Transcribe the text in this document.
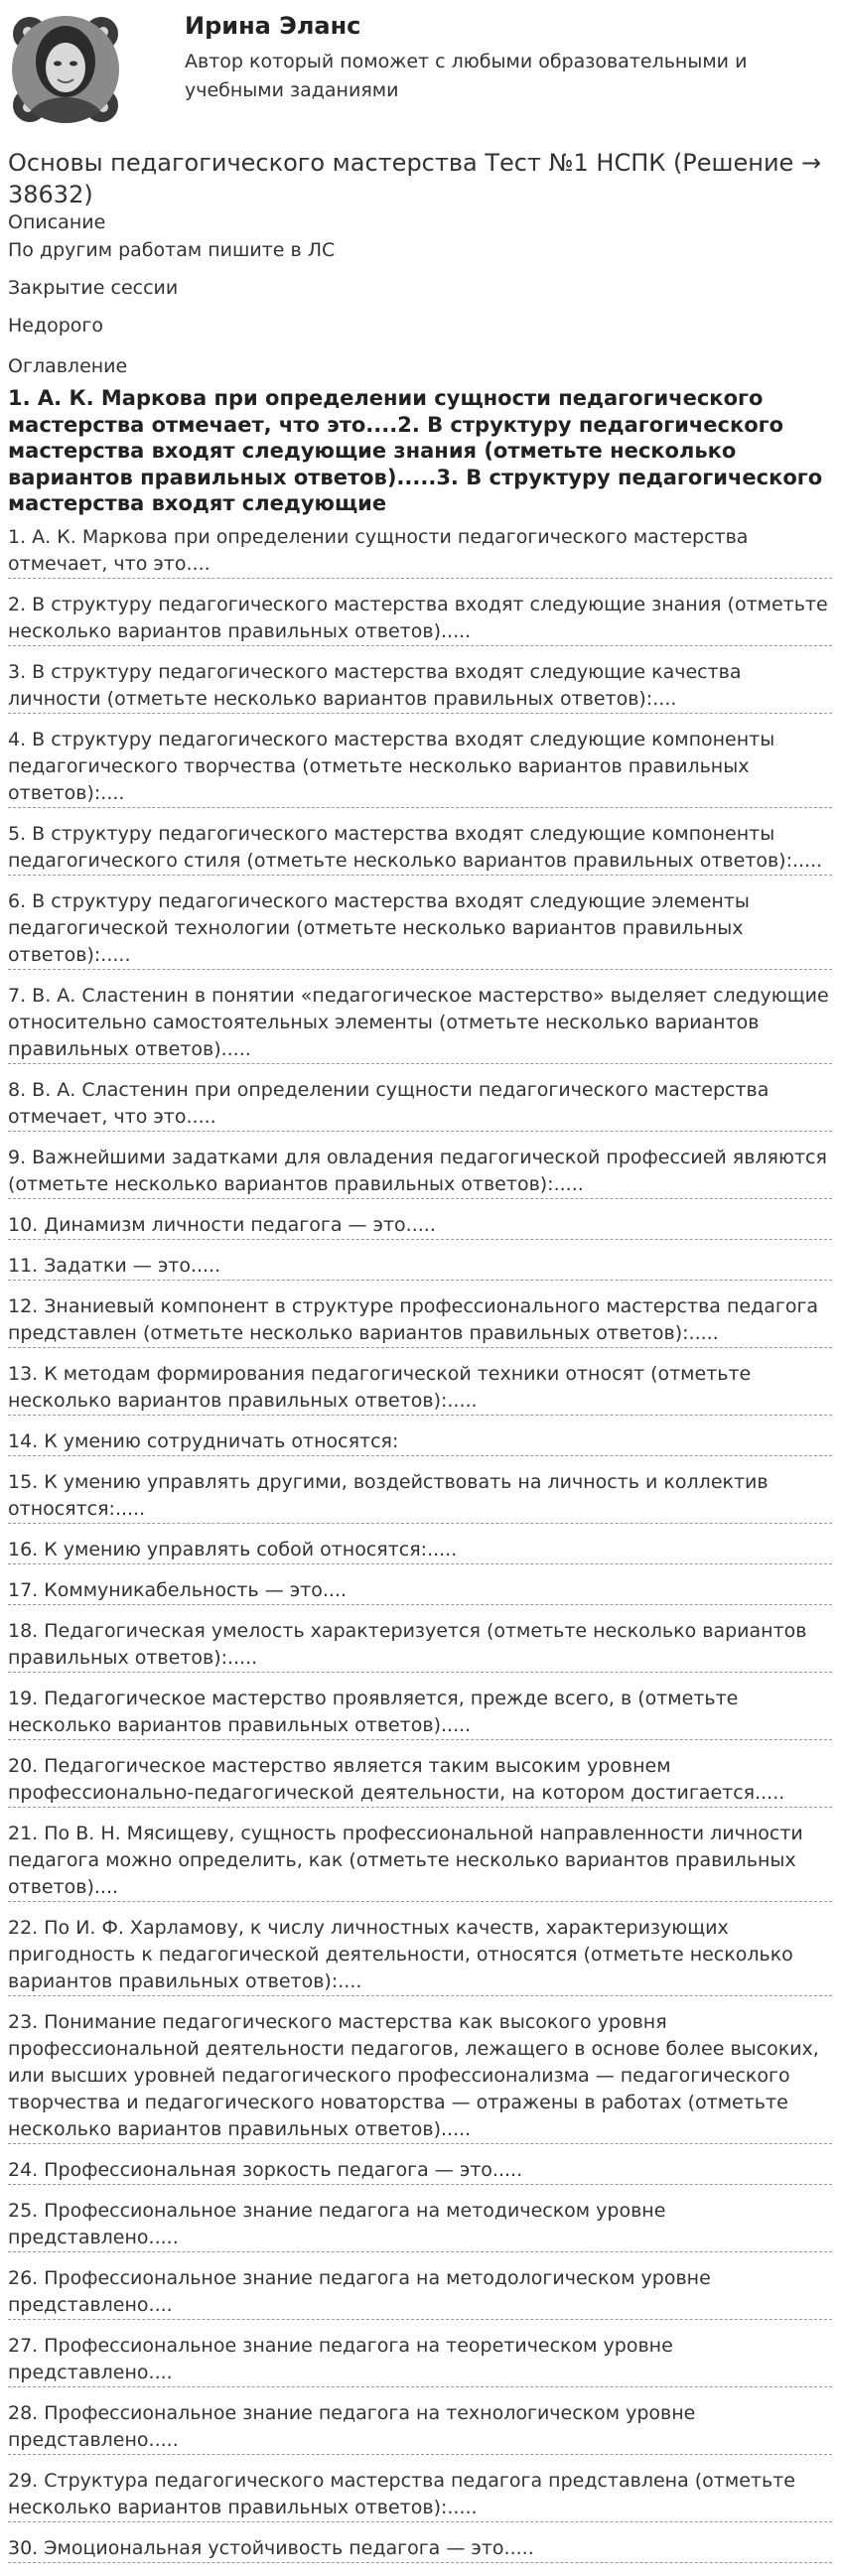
Ирина Эланс
Автор который поможет с любыми образовательными и учебными заданиями
Основы педагогического мастерства Тест №1 НСПК (Решение → 38632)
Описание
По другим работам пишите в ЛС
Закрытие сессии
Недорого
Оглавление
1. А. К. Маркова при определении сущности педагогического мастерства отмечает, что это....2. В структуру педагогического мастерства входят следующие знания (отметьте несколько вариантов правильных ответов).....3. В структуру педагогического мастерства входят следующие
1. А. К. Маркова при определении сущности педагогического мастерства отмечает, что это....
2. В структуру педагогического мастерства входят следующие знания (отметьте несколько вариантов правильных ответов).....
3. В структуру педагогического мастерства входят следующие качества личности (отметьте несколько вариантов правильных ответов):....
4. В структуру педагогического мастерства входят следующие компоненты педагогического творчества (отметьте несколько вариантов правильных ответов):....
5. В структуру педагогического мастерства входят следующие компоненты педагогического стиля (отметьте несколько вариантов правильных ответов):.....
6. В структуру педагогического мастерства входят следующие элементы педагогической технологии (отметьте несколько вариантов правильных ответов):.....
7. В. А. Сластенин в понятии «педагогическое мастерство» выделяет следующие относительно самостоятельных элементы (отметьте несколько вариантов правильных ответов).....
8. В. А. Сластенин при определении сущности педагогического мастерства отмечает, что это.....
9. Важнейшими задатками для овладения педагогической профессией являются (отметьте несколько вариантов правильных ответов):.....
10. Динамизм личности педагога — это.....
11. Задатки — это.....
12. Знаниевый компонент в структуре профессионального мастерства педагога представлен (отметьте несколько вариантов правильных ответов):.....
13. К методам формирования педагогической техники относят (отметьте несколько вариантов правильных ответов):.....
14. К умению сотрудничать относятся:
15. К умению управлять другими, воздействовать на личность и коллектив относятся:.....
16. К умению управлять собой относятся:.....
17. Коммуникабельность — это....
18. Педагогическая умелость характеризуется (отметьте несколько вариантов правильных ответов):.....
19. Педагогическое мастерство проявляется, прежде всего, в (отметьте несколько вариантов правильных ответов).....
20. Педагогическое мастерство является таким высоким уровнем профессионально-педагогической деятельности, на котором достигается.....
21. По В. Н. Мясищеву, сущность профессиональной направленности личности педагога можно определить, как (отметьте несколько вариантов правильных ответов)....
22. По И. Ф. Харламову, к числу личностных качеств, характеризующих пригодность к педагогической деятельности, относятся (отметьте несколько вариантов правильных ответов):....
23. Понимание педагогического мастерства как высокого уровня профессиональной деятельности педагогов, лежащего в основе более высоких, или высших уровней педагогического профессионализма — педагогического творчества и педагогического новаторства — отражены в работах (отметьте несколько вариантов правильных ответов).....
24. Профессиональная зоркость педагога — это.....
25. Профессиональное знание педагога на методическом уровне представлено.....
26. Профессиональное знание педагога на методологическом уровне представлено....
27. Профессиональное знание педагога на теоретическом уровне представлено....
28. Профессиональное знание педагога на технологическом уровне представлено.....
29. Структура педагогического мастерства педагога представлена (отметьте несколько вариантов правильных ответов):.....
30. Эмоциональная устойчивость педагога — это.....
